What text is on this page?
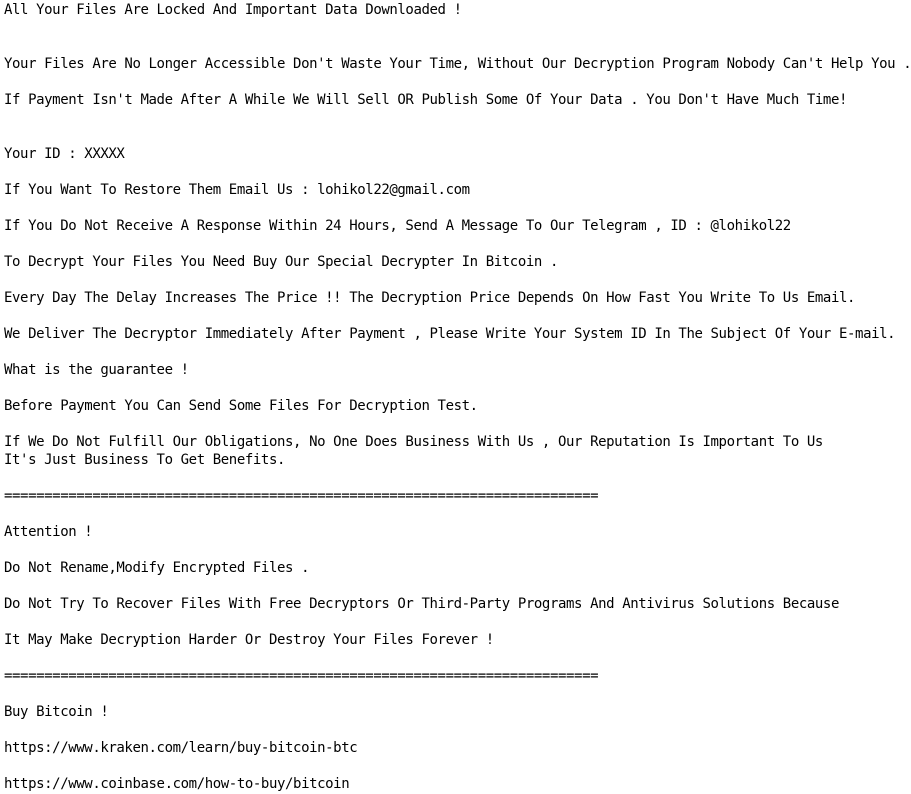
All Your Files Are Locked And Important Data Downloaded !

Your Files Are No Longer Accessible Don't Waste Your Time, Without Our Decryption Program Nobody Can't Help You .

If Payment Isn't Made After A While We Will Sell OR Publish Some Of Your Data . You Don't Have Much Time!

Your ID : XXXXX

If You Want To Restore Them Email Us : lohikol22@gmail.com

If You Do Not Receive A Response Within 24 Hours, Send A Message To Our Telegram , ID : @lohikol22

To Decrypt Your Files You Need Buy Our Special Decrypter In Bitcoin .

Every Day The Delay Increases The Price !! The Decryption Price Depends On How Fast You Write To Us Email.

We Deliver The Decryptor Immediately After Payment , Please Write Your System ID In The Subject Of Your E-mail.

What is the guarantee !

Before Payment You Can Send Some Files For Decryption Test.

If We Do Not Fulfill Our Obligations, No One Does Business With Us , Our Reputation Is Important To Us

It's Just Business To Get Benefits.

==========================================================================

Attention !

Do Not Rename,Modify Encrypted Files .

Do Not Try To Recover Files With Free Decryptors Or Third-Party Programs And Antivirus Solutions Because

It May Make Decryption Harder Or Destroy Your Files Forever !

==========================================================================

Buy Bitcoin !

https://www.kraken.com/learn/buy-bitcoin-btc

https://www.coinbase.com/how-to-buy/bitcoin
